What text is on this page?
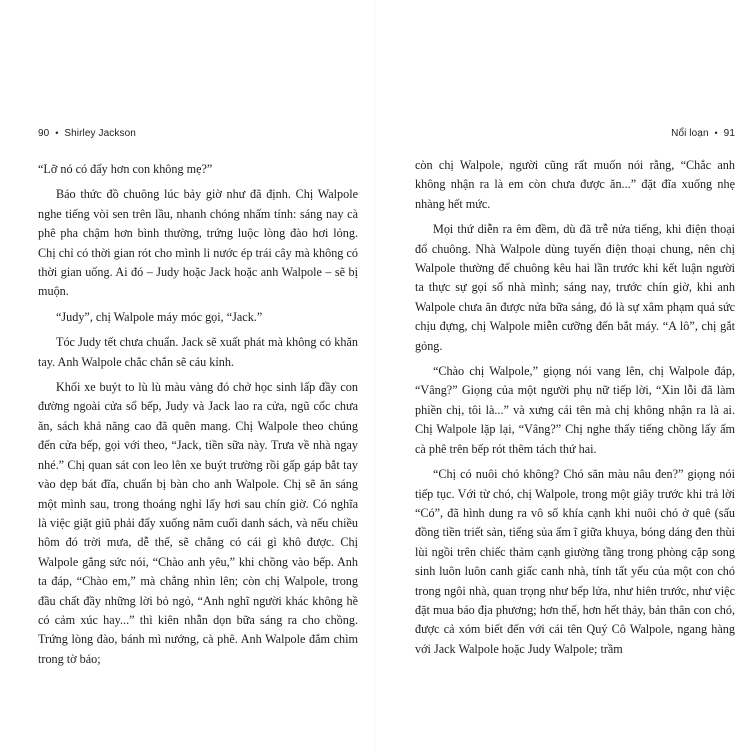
90 • Shirley Jackson

“Lỡ nó có đẩy hơn con không mẹ?”

Báo thức đồ chuông lúc bảy giờ như đã định. Chị Walpole nghe tiếng vòi sen trên lầu, nhanh chóng nhấm tính: sáng nay cà phê pha chậm hơn bình thường, trứng luộc lòng đào hơi lỏng. Chị chỉ có thời gian rót cho mình li nước ép trái cây mà không có thời gian uống. Ai đó – Judy hoặc Jack hoặc anh Walpole – sẽ bị muộn.

“Judy”, chị Walpole máy móc gọi, “Jack.”

Tóc Judy tết chưa chuẩn. Jack sẽ xuất phát mà không có khăn tay. Anh Walpole chắc chắn sẽ cáu kỉnh.

Khối xe buýt to lù lù màu vàng đó chở học sinh lấp đầy con đường ngoài cửa sổ bếp, Judy và Jack lao ra cửa, ngũ cốc chưa ăn, sách khả năng cao đã quên mang. Chị Walpole theo chúng đến cửa bếp, gọi với theo, “Jack, tiền sữa này. Trưa về nhà ngay nhé.” Chị quan sát con leo lên xe buýt trường rồi gấp gáp bắt tay vào dẹp bát đĩa, chuẩn bị bàn cho anh Walpole. Chị sẽ ăn sáng một mình sau, trong thoáng nghỉ lấy hơi sau chín giờ. Có nghĩa là việc giặt giũ phải đẩy xuống năm cuối danh sách, và nếu chiều hôm đó trời mưa, dễ thế, sẽ chẳng có cái gì khô được. Chị Walpole gắng sức nói, “Chào anh yêu,” khi chồng vào bếp. Anh ta đáp, “Chào em,” mà chẳng nhìn lên; còn chị Walpole, trong đầu chất đầy những lời bỏ ngỏ, “Anh nghĩ người khác không hề có cảm xúc hay...” thì kiên nhẫn dọn bữa sáng ra cho chồng. Trứng lòng đào, bánh mì nướng, cà phê. Anh Walpole đắm chìm trong tờ báo;

Nổi loạn • 91

còn chị Walpole, người cũng rất muốn nói rằng, “Chắc anh không nhận ra là em còn chưa được ăn...” đặt đĩa xuống nhẹ nhàng hết mức.

Mọi thứ diễn ra êm đềm, dù đã trễ nửa tiếng, khi điện thoại đổ chuông. Nhà Walpole dùng tuyến điện thoại chung, nên chị Walpole thường để chuông kêu hai lần trước khi kết luận người ta thực sự gọi số nhà mình; sáng nay, trước chín giờ, khi anh Walpole chưa ăn được nửa bữa sáng, đó là sự xâm phạm quá sức chịu đựng, chị Walpole miễn cưỡng đến bắt máy. “A lô”, chị gắt gỏng.

“Chào chị Walpole,” giọng nói vang lên, chị Walpole đáp, “Vâng?” Giọng của một người phụ nữ tiếp lời, “Xin lỗi đã làm phiền chị, tôi là...” và xưng cái tên mà chị không nhận ra là ai. Chị Walpole lặp lại, “Vâng?” Chị nghe thấy tiếng chồng lấy ấm cà phê trên bếp rót thêm tách thứ hai.

“Chị có nuôi chó không? Chó săn màu nâu đen?” giọng nói tiếp tục. Với từ chó, chị Walpole, trong một giây trước khi trả lời “Có”, đã hình dung ra vô số khía cạnh khi nuôi chó ở quê (sấu đồng tiền triết sản, tiếng sủa ấm ĩ giữa khuya, bóng dáng đen thùi lùi ngồi trên chiếc thảm cạnh giường tầng trong phòng cặp song sinh luôn luôn canh giấc canh nhà, tính tất yếu của một con chó trong ngôi nhà, quan trọng như bếp lửa, như hiên trước, như việc đặt mua báo địa phương; hơn thế, hơn hết thảy, bản thân con chó, được cả xóm biết đến với cái tên Quý Cô Walpole, ngang hàng với Jack Walpole hoặc Judy Walpole; trầm
